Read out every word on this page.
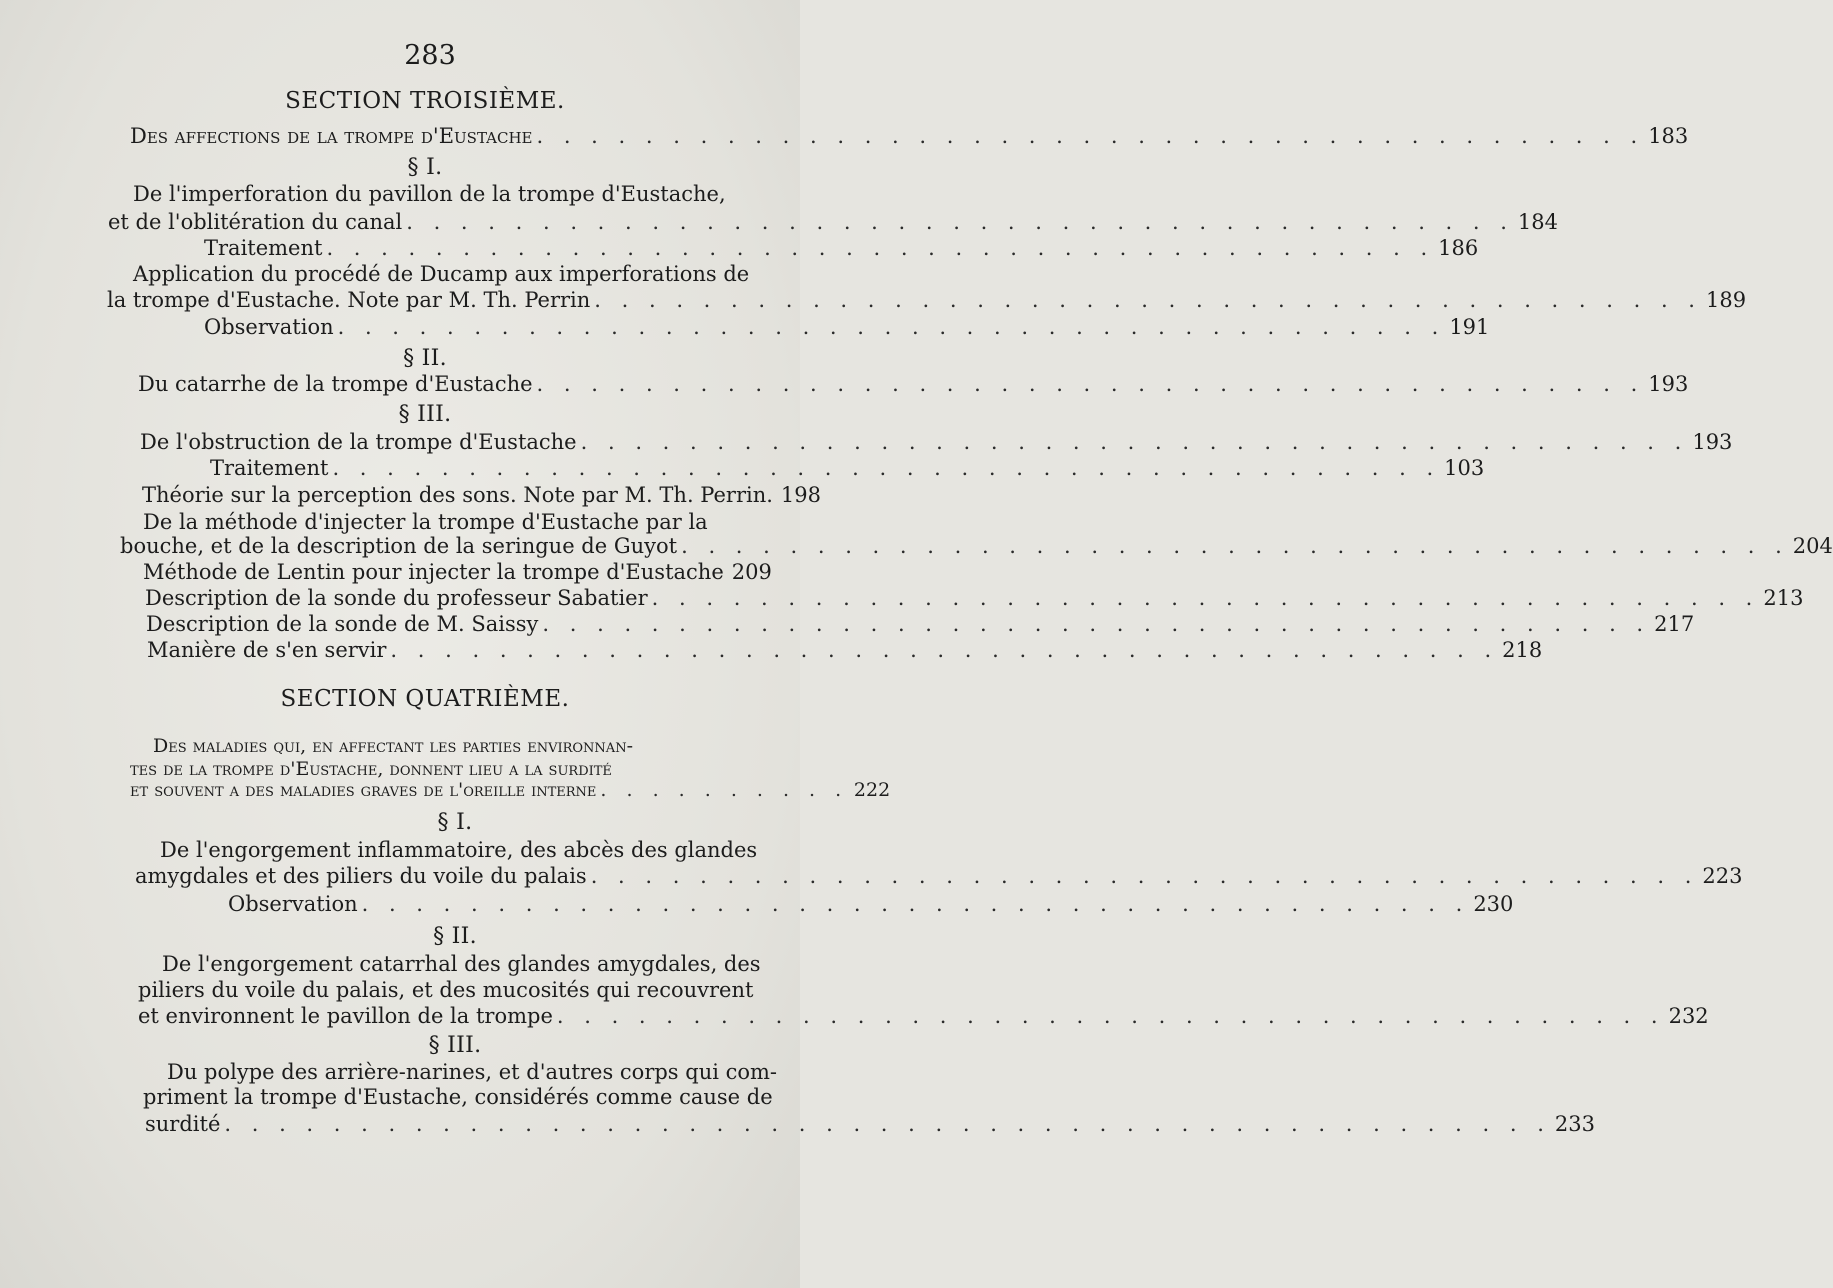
283
SECTION TROISIÈME.
Des affections de la trompe d'Eustache . . . . . . . . . . . . . . . . . . . . . . . . . . . . . . . . . . . . . . . . . 183
§ I.
De l'imperforation du pavillon de la trompe d'Eustache,
et de l'oblitération du canal . . . . . . . . . . . . . . . . . . . . . . . . . . . . . . . . . . . . . . . . . 184
Traitement . . . . . . . . . . . . . . . . . . . . . . . . . . . . . . . . . . . . . . . . . 186
Application du procédé de Ducamp aux imperforations de
la trompe d'Eustache. Note par M. Th. Perrin . . . . . . . . . . . . . . . . . . . . . . . . . . . . . . . . . . . . . . . . . 189
Observation . . . . . . . . . . . . . . . . . . . . . . . . . . . . . . . . . . . . . . . . . 191
§ II.
Du catarrhe de la trompe d'Eustache . . . . . . . . . . . . . . . . . . . . . . . . . . . . . . . . . . . . . . . . . 193
§ III.
De l'obstruction de la trompe d'Eustache . . . . . . . . . . . . . . . . . . . . . . . . . . . . . . . . . . . . . . . . . 193
Traitement . . . . . . . . . . . . . . . . . . . . . . . . . . . . . . . . . . . . . . . . . 103
Théorie sur la perception des sons. Note par M. Th. Perrin. 198
De la méthode d'injecter la trompe d'Eustache par la
bouche, et de la description de la seringue de Guyot . . . . . . . . . . . . . . . . . . . . . . . . . . . . . . . . . . . . . . . . . 204
Méthode de Lentin pour injecter la trompe d'Eustache 209
Description de la sonde du professeur Sabatier . . . . . . . . . . . . . . . . . . . . . . . . . . . . . . . . . . . . . . . . . 213
Description de la sonde de M. Saissy . . . . . . . . . . . . . . . . . . . . . . . . . . . . . . . . . . . . . . . . . 217
Manière de s'en servir . . . . . . . . . . . . . . . . . . . . . . . . . . . . . . . . . . . . . . . . . 218
SECTION QUATRIÈME.
Des maladies qui, en affectant les parties environnan-
tes de la trompe d'Eustache, donnent lieu a la surdité
et souvent a des maladies graves de l'oreille interne . . . . . . . . . . 222
§ I.
De l'engorgement inflammatoire, des abcès des glandes
amygdales et des piliers du voile du palais . . . . . . . . . . . . . . . . . . . . . . . . . . . . . . . . . . . . . . . . . 223
Observation . . . . . . . . . . . . . . . . . . . . . . . . . . . . . . . . . . . . . . . . . 230
§ II.
De l'engorgement catarrhal des glandes amygdales, des
piliers du voile du palais, et des mucosités qui recouvrent
et environnent le pavillon de la trompe . . . . . . . . . . . . . . . . . . . . . . . . . . . . . . . . . . . . . . . . . 232
§ III.
Du polype des arrière-narines, et d'autres corps qui com-
priment la trompe d'Eustache, considérés comme cause de
surdité . . . . . . . . . . . . . . . . . . . . . . . . . . . . . . . . . . . . . . . . . . . . . . . . . 233
